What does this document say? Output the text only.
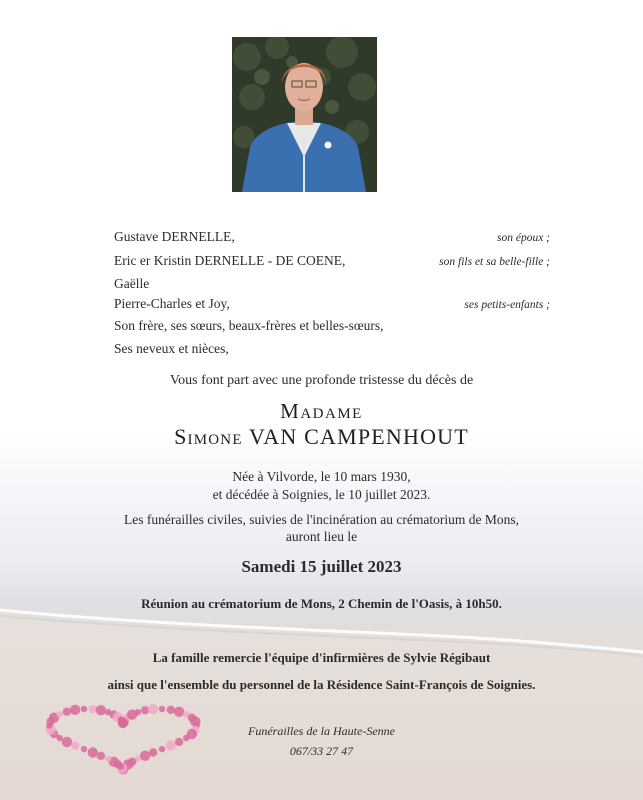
Gustave DERNELLE,	son époux ;
Eric er Kristin DERNELLE - DE COENE,	son fils et sa belle-fille ;
Gaëlle
Pierre-Charles et Joy,	ses petits-enfants ;
Son frère, ses sœurs, beaux-frères et belles-sœurs,
Ses neveux et nièces,
Vous font part avec une profonde tristesse du décès de
Madame
Simone VAN CAMPENHOUT
Née à Vilvorde, le 10 mars 1930,
et décédée à Soignies, le 10 juillet 2023.
Les funérailles civiles, suivies de l'incinération au crématorium de Mons,
auront lieu le
Samedi 15 juillet 2023
Réunion au crématorium de Mons, 2 Chemin de l'Oasis, à 10h50.
La famille remercie l'équipe d'infirmières de Sylvie Régibaut
ainsi que l'ensemble du personnel de la Résidence Saint-François de Soignies.
Funérailles de la Haute-Senne
067/33 27 47
